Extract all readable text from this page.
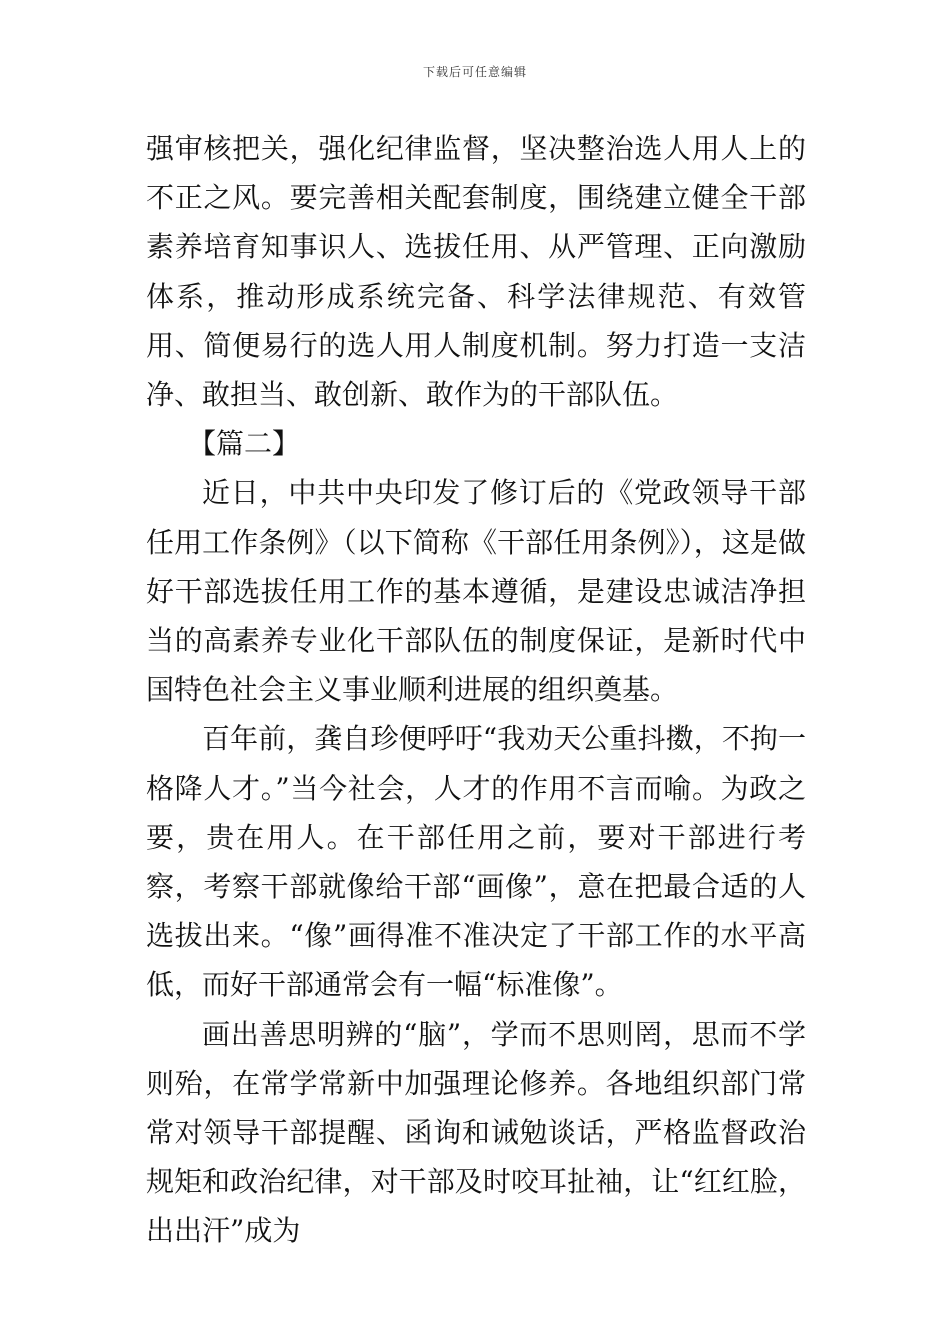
下载后可任意编辑

强审核把关，强化纪律监督，坚决整治选人用人上的不正之风。要完善相关配套制度，围绕建立健全干部素养培育知事识人、选拔任用、从严管理、正向激励体系，推动形成系统完备、科学法律规范、有效管用、简便易行的选人用人制度机制。努力打造一支洁净、敢担当、敢创新、敢作为的干部队伍。

【篇二】

近日，中共中央印发了修订后的《党政领导干部任用工作条例》（以下简称《干部任用条例》），这是做好干部选拔任用工作的基本遵循，是建设忠诚洁净担当的高素养专业化干部队伍的制度保证，是新时代中国特色社会主义事业顺利进展的组织奠基。

百年前，龚自珍便呼吁“我劝天公重抖擞，不拘一格降人才。”当今社会，人才的作用不言而喻。为政之要，贵在用人。在干部任用之前，要对干部进行考察，考察干部就像给干部“画像”，意在把最合适的人选拔出来。“像”画得准不准决定了干部工作的水平高低，而好干部通常会有一幅“标准像”。

画出善思明辨的“脑”，学而不思则罔，思而不学则殆，在常学常新中加强理论修养。各地组织部门常常对领导干部提醒、函询和诫勉谈话，严格监督政治规矩和政治纪律，对干部及时咬耳扯袖，让“红红脸，出出汗”成为
